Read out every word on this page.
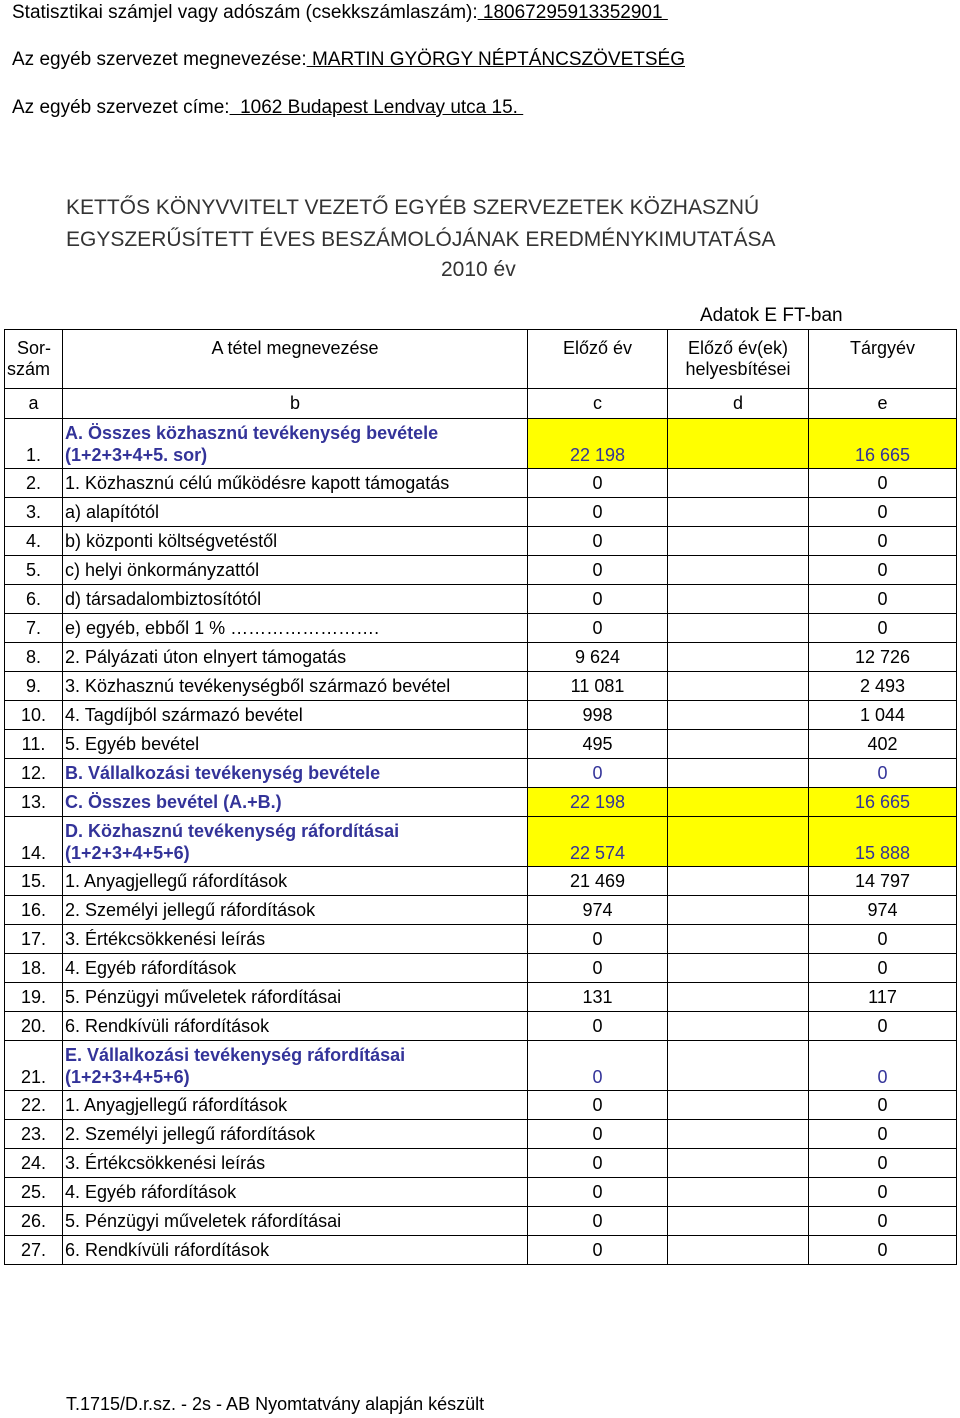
Statisztikai számjel vagy adószám (csekkszámlaszám): 18067295913352901
Az egyéb szervezet megnevezése: MARTIN GYÖRGY NÉPTÁNCSZÖVETSÉG
Az egyéb szervezet címe:  1062 Budapest Lendvay utca 15.
KETTŐS KÖNYVVITELT VEZETŐ EGYÉB SZERVEZETEK KÖZHASZNÚ
EGYSZERŰSÍTETT ÉVES BESZÁMOLÓJÁNAK EREDMÉNYKIMUTATÁSA
2010 év
Adatok E FT-ban
Sor-	A tétel megnevezése	Előző év	Előző év(ek)	Tárgyév
szám			helyesbítései	
a	b	c	d	e
1.	A. Összes közhasznú tevékenység bevétele (1+2+3+4+5. sor)	22 198		16 665
2.	1. Közhasznú célú működésre kapott támogatás	0		0
3.	a) alapítótól	0		0
4.	b) központi költségvetéstől	0		0
5.	c) helyi önkormányzattól	0		0
6.	d) társadalombiztosítótól	0		0
7.	e) egyéb, ebből 1 % …………………….	0		0
8.	2. Pályázati úton elnyert támogatás	9 624		12 726
9.	3. Közhasznú tevékenységből származó bevétel	11 081		2 493
10.	4. Tagdíjból származó bevétel	998		1 044
11.	5. Egyéb bevétel	495		402
12.	B. Vállalkozási tevékenység bevétele	0		0
13.	C. Összes bevétel (A.+B.)	22 198		16 665
14.	D. Közhasznú tevékenység ráfordításai (1+2+3+4+5+6)	22 574		15 888
15.	1. Anyagjellegű ráfordítások	21 469		14 797
16.	2. Személyi jellegű ráfordítások	974		974
17.	3. Értékcsökkenési leírás	0		0
18.	4. Egyéb ráfordítások	0		0
19.	5. Pénzügyi műveletek ráfordításai	131		117
20.	6. Rendkívüli ráfordítások	0		0
21.	E. Vállalkozási tevékenység ráfordításai (1+2+3+4+5+6)	0		0
22.	1. Anyagjellegű ráfordítások	0		0
23.	2. Személyi jellegű ráfordítások	0		0
24.	3. Értékcsökkenési leírás	0		0
25.	4. Egyéb ráfordítások	0		0
26.	5. Pénzügyi műveletek ráfordításai	0		0
27.	6. Rendkívüli ráfordítások	0		0
T.1715/D.r.sz. - 2s - AB Nyomtatvány alapján készült
